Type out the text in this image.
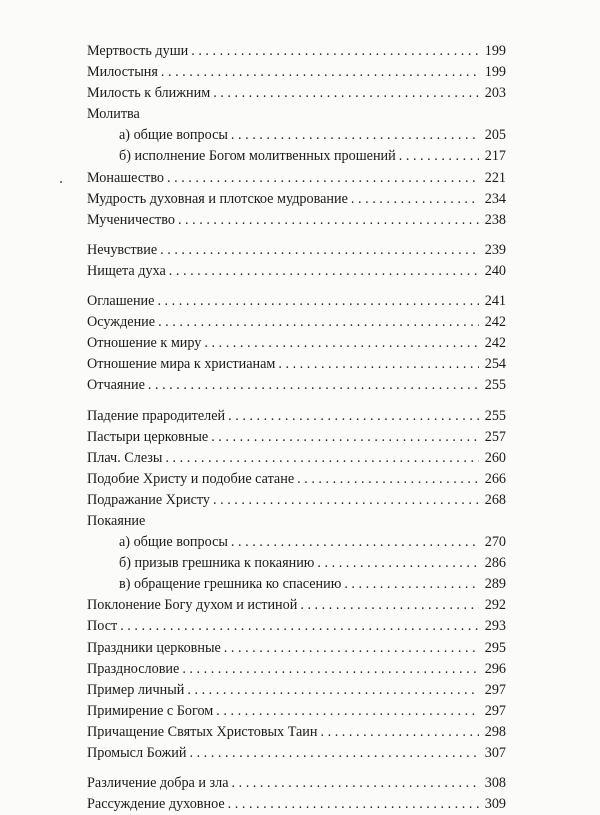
Мертвость души . . .	199
Милостыня . . .	199
Милость к ближним . . .	203
Молитва
а) общие вопросы . . .	205
б) исполнение Богом молитвенных прошений . . .	217
Монашество . . .	221
Мудрость духовная и плотское мудрование . . .	234
Мученичество . . .	238
Нечувствие . . .	239
Нищета духа . . .	240
Оглашение . . .	241
Осуждение . . .	242
Отношение к миру . . .	242
Отношение мира к христианам . . .	254
Отчаяние . . .	255
Падение прародителей . . .	255
Пастыри церковные . . .	257
Плач. Слезы . . .	260
Подобие Христу и подобие сатане . . .	266
Подражание Христу . . .	268
Покаяние
а) общие вопросы . . .	270
б) призыв грешника к покаянию . . .	286
в) обращение грешника ко спасению . . .	289
Поклонение Богу духом и истиной . . .	292
Пост . . .	293
Праздники церковные . . .	295
Празднословие . . .	296
Пример личный . . .	297
Примирение с Богом . . .	297
Причащение Святых Христовых Таин . . .	298
Промысл Божий . . .	307
Различение добра и зла . . .	308
Рассуждение духовное . . .	309
